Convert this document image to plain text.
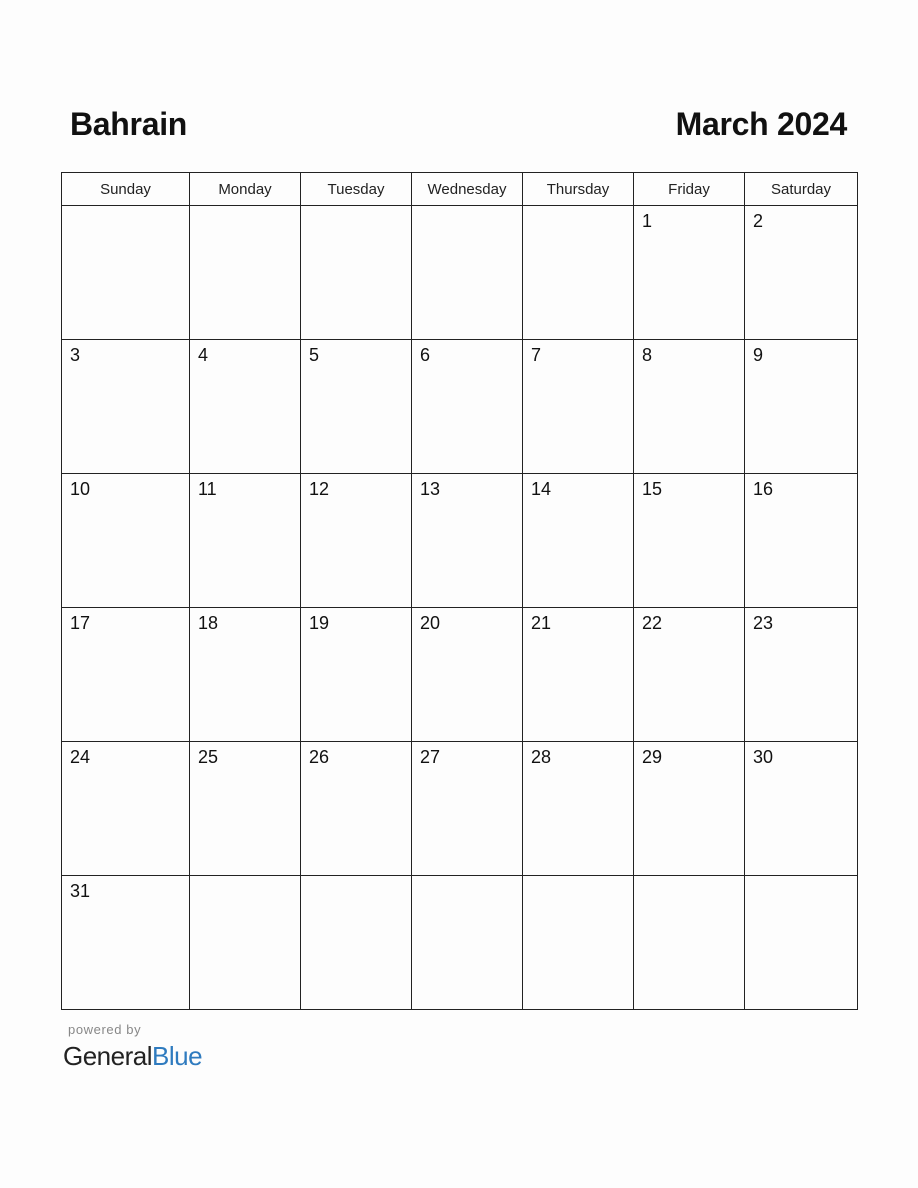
Bahrain	March 2024
Sunday	Monday	Tuesday	Wednesday	Thursday	Friday	Saturday

					1	2

3	4	5	6	7	8	9

10	11	12	13	14	15	16

17	18	19	20	21	22	23

24	25	26	27	28	29	30

31						

powered by
GeneralBlue
